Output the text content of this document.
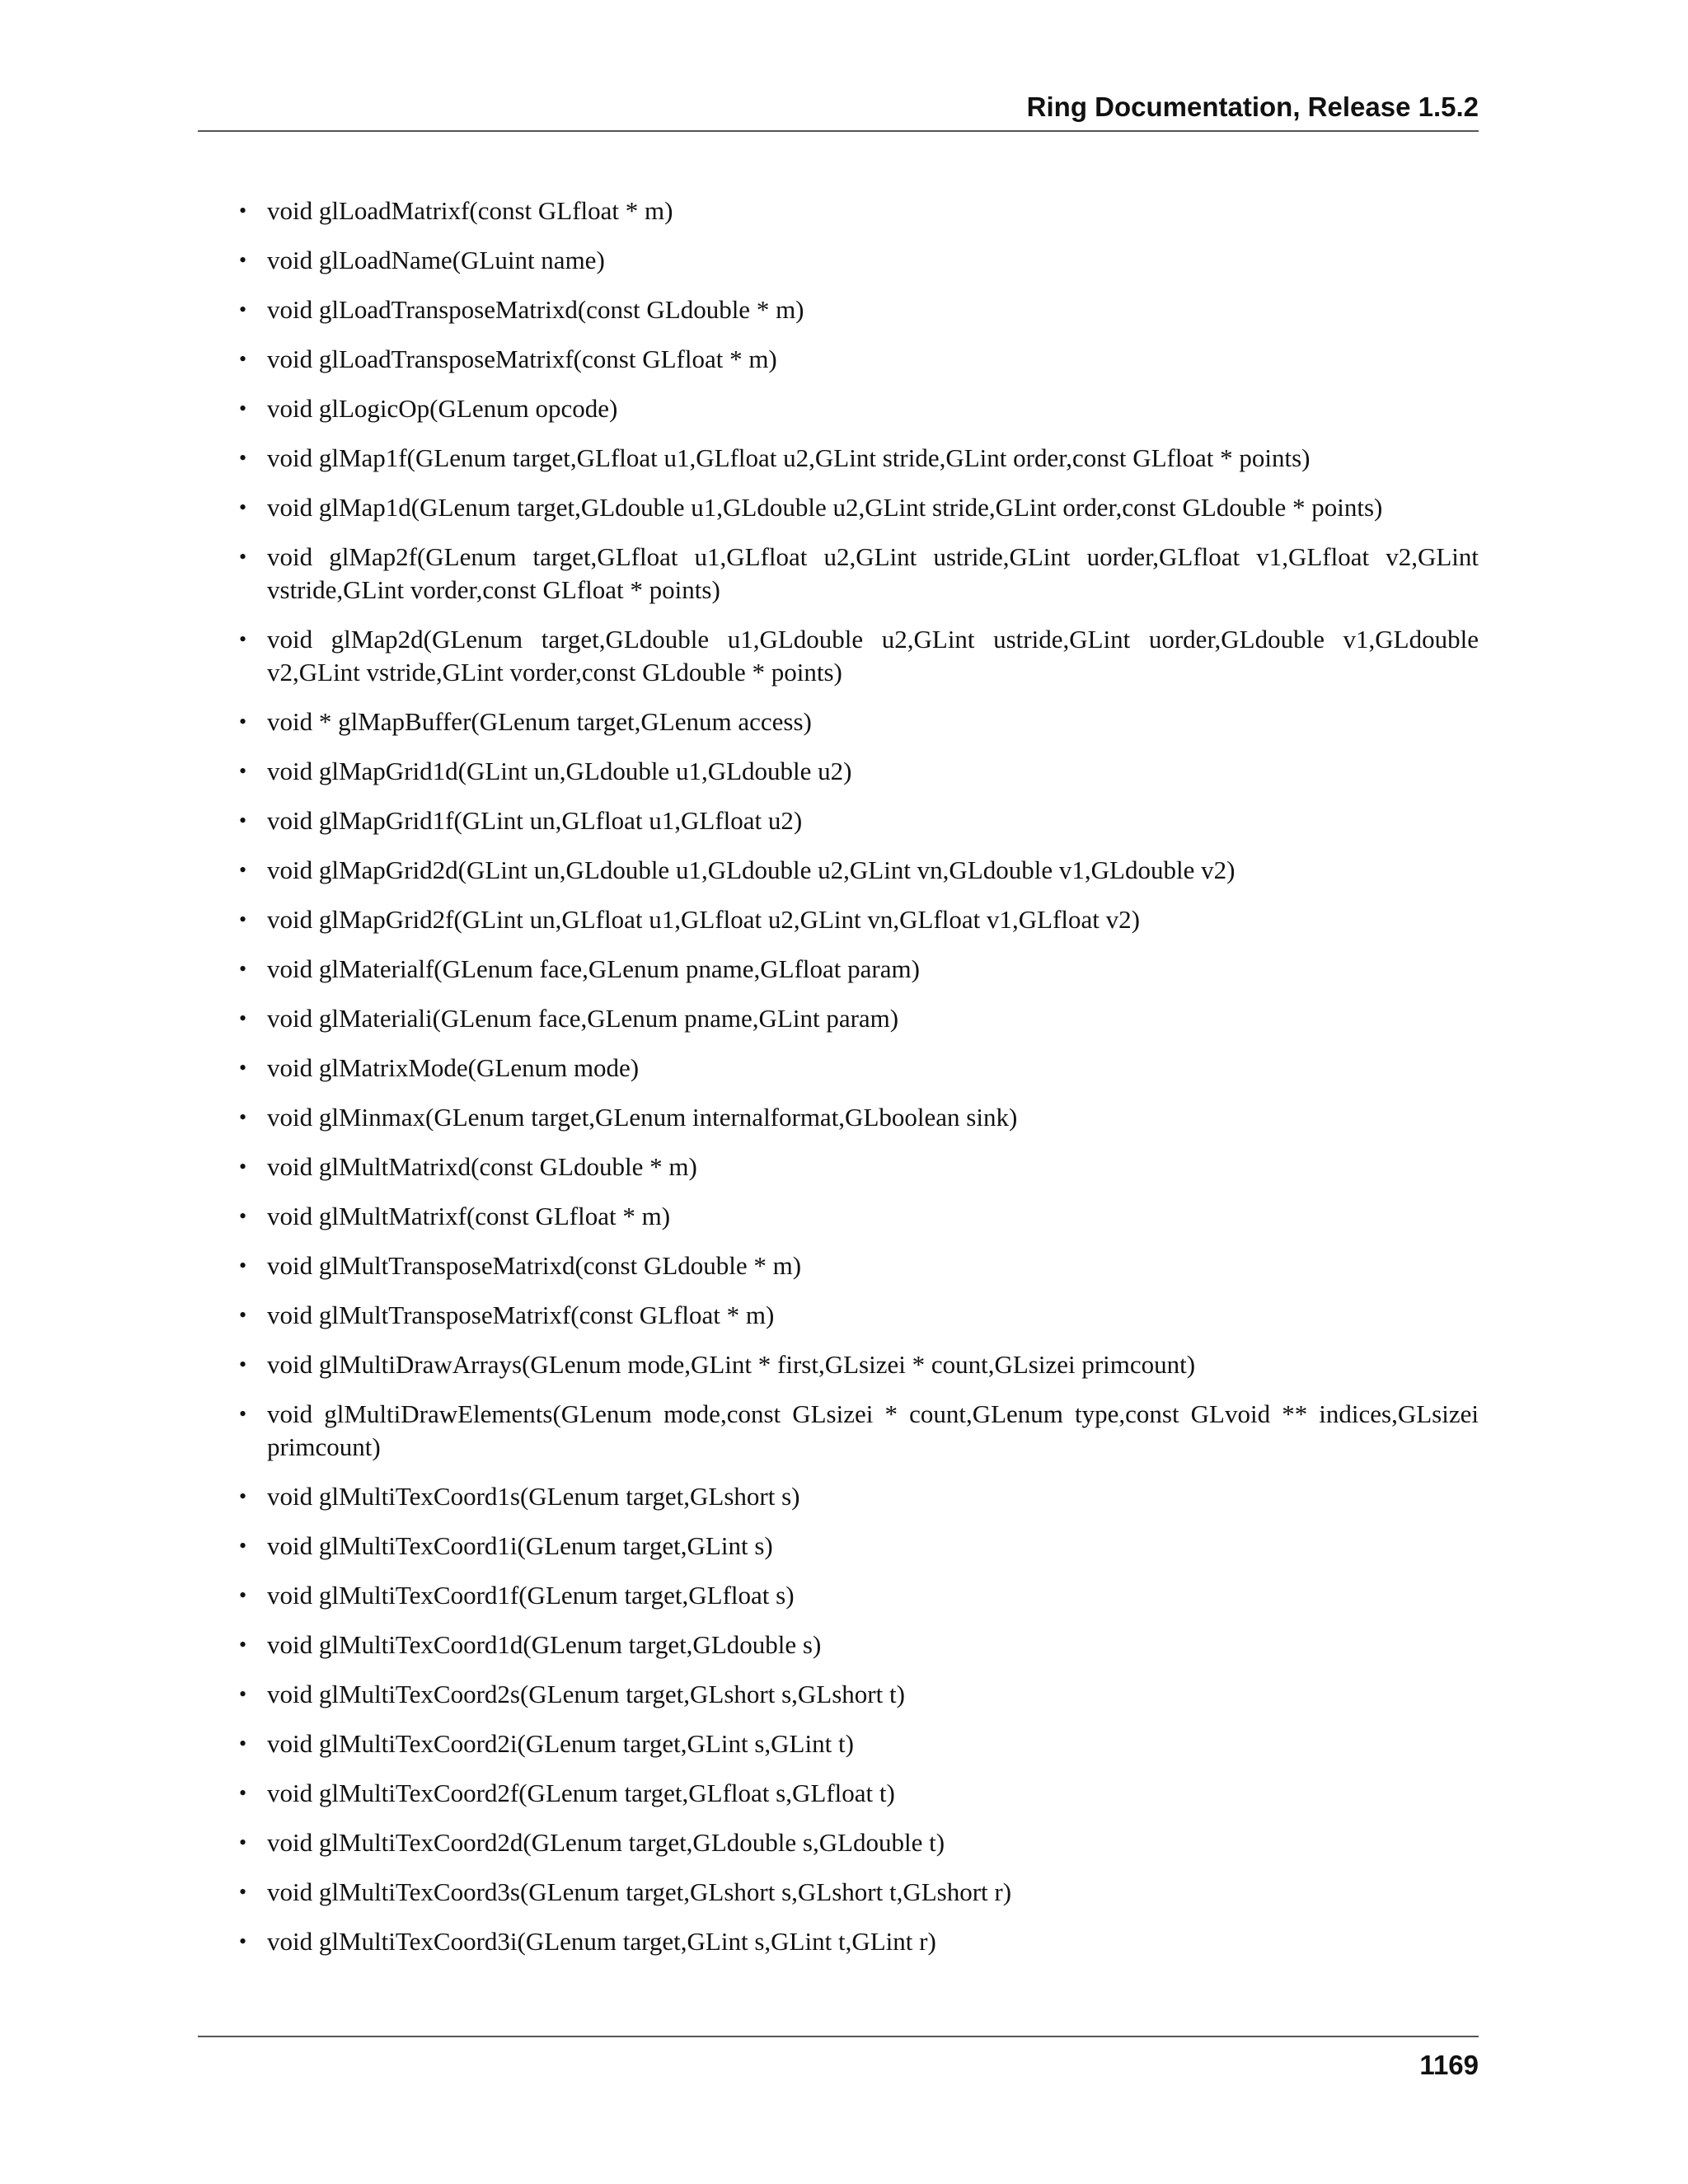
Ring Documentation, Release 1.5.2
• void glLoadMatrixf(const GLfloat * m)
• void glLoadName(GLuint name)
• void glLoadTransposeMatrixd(const GLdouble * m)
• void glLoadTransposeMatrixf(const GLfloat * m)
• void glLogicOp(GLenum opcode)
• void glMap1f(GLenum target,GLfloat u1,GLfloat u2,GLint stride,GLint order,const GLfloat * points)
• void glMap1d(GLenum target,GLdouble u1,GLdouble u2,GLint stride,GLint order,const GLdouble * points)
• void glMap2f(GLenum target,GLfloat u1,GLfloat u2,GLint ustride,GLint uorder,GLfloat v1,GLfloat v2,GLint vstride,GLint vorder,const GLfloat * points)
• void glMap2d(GLenum target,GLdouble u1,GLdouble u2,GLint ustride,GLint uorder,GLdouble v1,GLdouble v2,GLint vstride,GLint vorder,const GLdouble * points)
• void * glMapBuffer(GLenum target,GLenum access)
• void glMapGrid1d(GLint un,GLdouble u1,GLdouble u2)
• void glMapGrid1f(GLint un,GLfloat u1,GLfloat u2)
• void glMapGrid2d(GLint un,GLdouble u1,GLdouble u2,GLint vn,GLdouble v1,GLdouble v2)
• void glMapGrid2f(GLint un,GLfloat u1,GLfloat u2,GLint vn,GLfloat v1,GLfloat v2)
• void glMaterialf(GLenum face,GLenum pname,GLfloat param)
• void glMateriali(GLenum face,GLenum pname,GLint param)
• void glMatrixMode(GLenum mode)
• void glMinmax(GLenum target,GLenum internalformat,GLboolean sink)
• void glMultMatrixd(const GLdouble * m)
• void glMultMatrixf(const GLfloat * m)
• void glMultTransposeMatrixd(const GLdouble * m)
• void glMultTransposeMatrixf(const GLfloat * m)
• void glMultiDrawArrays(GLenum mode,GLint * first,GLsizei * count,GLsizei primcount)
• void glMultiDrawElements(GLenum mode,const GLsizei * count,GLenum type,const GLvoid ** indices,GLsizei primcount)
• void glMultiTexCoord1s(GLenum target,GLshort s)
• void glMultiTexCoord1i(GLenum target,GLint s)
• void glMultiTexCoord1f(GLenum target,GLfloat s)
• void glMultiTexCoord1d(GLenum target,GLdouble s)
• void glMultiTexCoord2s(GLenum target,GLshort s,GLshort t)
• void glMultiTexCoord2i(GLenum target,GLint s,GLint t)
• void glMultiTexCoord2f(GLenum target,GLfloat s,GLfloat t)
• void glMultiTexCoord2d(GLenum target,GLdouble s,GLdouble t)
• void glMultiTexCoord3s(GLenum target,GLshort s,GLshort t,GLshort r)
• void glMultiTexCoord3i(GLenum target,GLint s,GLint t,GLint r)
1169
